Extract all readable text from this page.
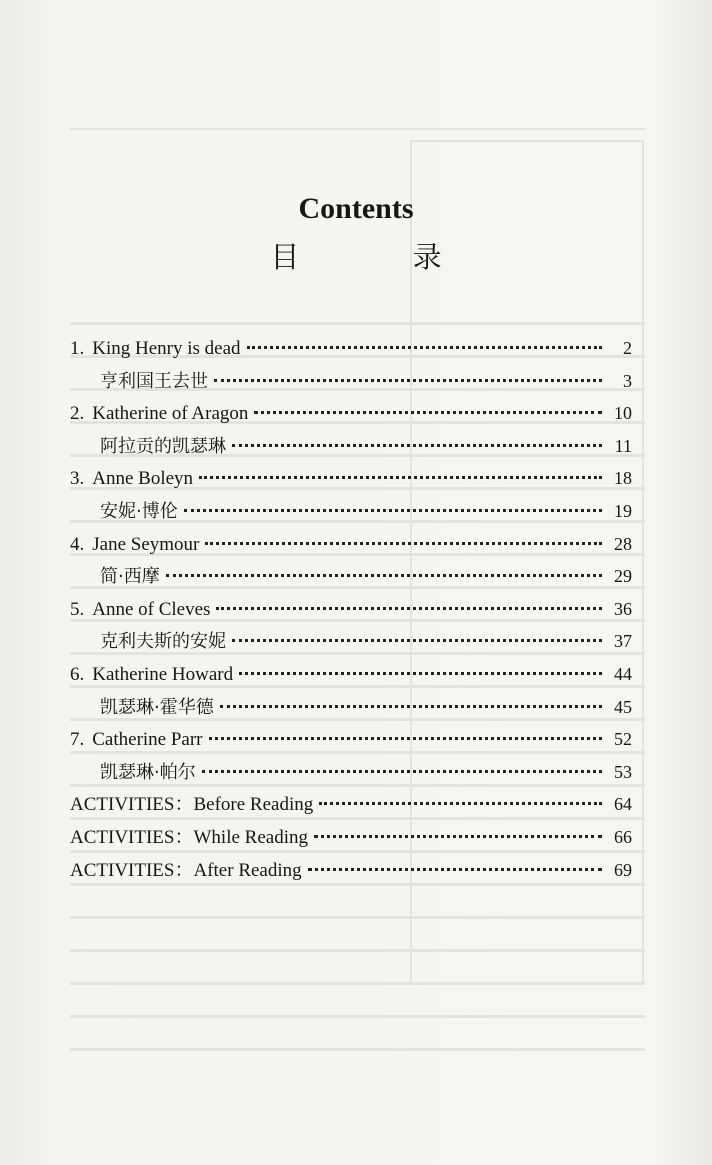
Contents
目 录
1. King Henry is dead	2
亨利国王去世	3
2. Katherine of Aragon	10
阿拉贡的凯瑟琳	11
3. Anne Boleyn	18
安妮·博伦	19
4. Jane Seymour	28
简·西摩	29
5. Anne of Cleves	36
克利夫斯的安妮	37
6. Katherine Howard	44
凯瑟琳·霍华德	45
7. Catherine Parr	52
凯瑟琳·帕尔	53
ACTIVITIES：Before Reading	64
ACTIVITIES：While Reading	66
ACTIVITIES：After Reading	69
